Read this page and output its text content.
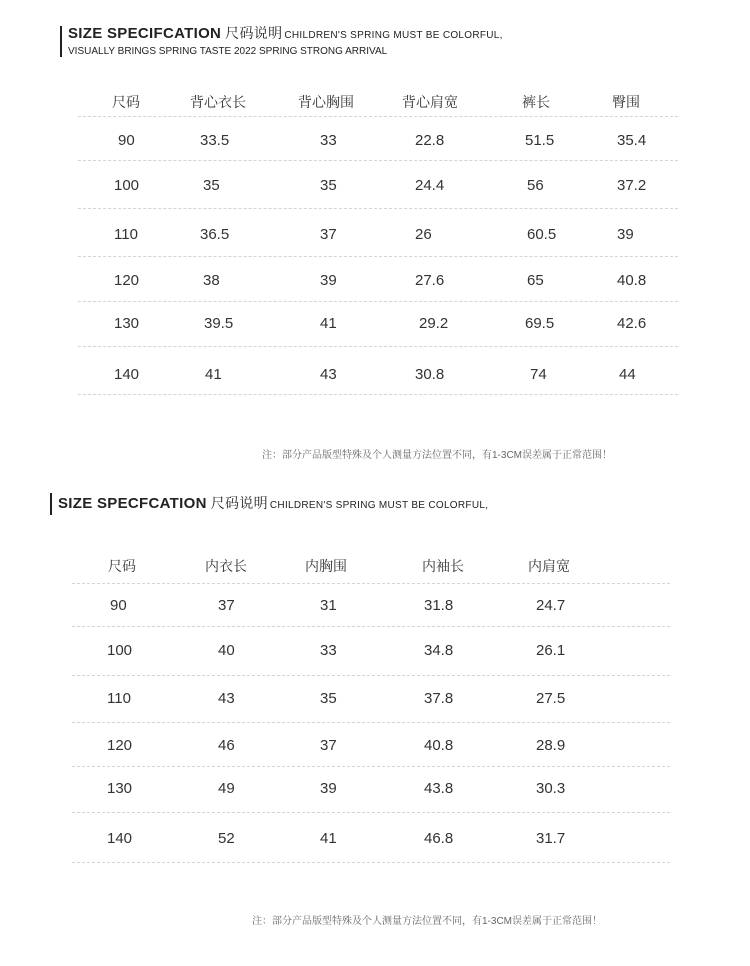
SIZE SPECIFCATION 尺码说明 CHILDREN'S SPRING MUST BE COLORFUL,
VISUALLY BRINGS SPRING TASTE 2022 SPRING STRONG ARRIVAL
尺码	背心衣长	背心胸围	背心肩宽	裤长	臀围
90	33.5	33	22.8	51.5	35.4
100	35	35	24.4	56	37.2
110	36.5	37	26	60.5	39
120	38	39	27.6	65	40.8
130	39.5	41	29.2	69.5	42.6
140	41	43	30.8	74	44
注：部分产品版型特殊及个人测量方法位置不同，有1-3CM误差属于正常范围！
SIZE SPECFCATION 尺码说明 CHILDREN'S SPRING MUST BE COLORFUL,
尺码	内衣长	内胸围	内袖长	内肩宽
90	37	31	31.8	24.7
100	40	33	34.8	26.1
110	43	35	37.8	27.5
120	46	37	40.8	28.9
130	49	39	43.8	30.3
140	52	41	46.8	31.7
注：部分产品版型特殊及个人测量方法位置不同，有1-3CM误差属于正常范围！
